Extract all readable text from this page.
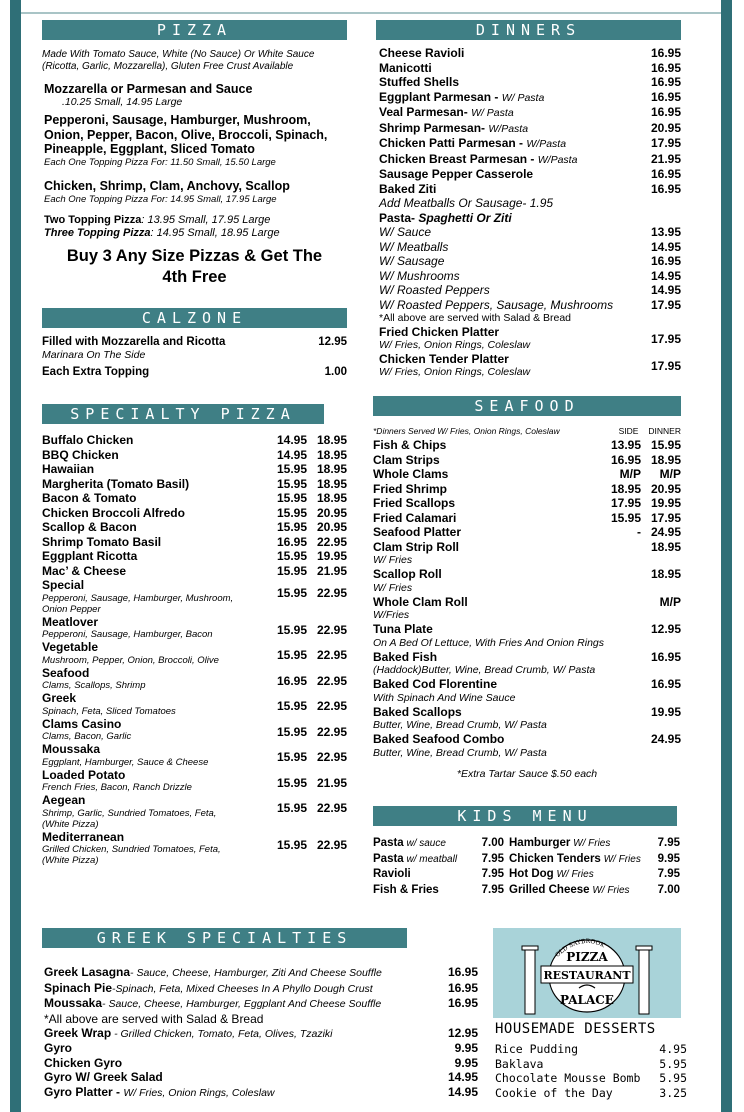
PIZZA
Made With Tomato Sauce, White (No Sauce) Or White Sauce (Ricotta, Garlic, Mozzarella), Gluten Free Crust Available
Mozzarella or Parmesan and Sauce
.10.25 Small, 14.95 Large
Pepperoni, Sausage, Hamburger, Mushroom, Onion, Pepper, Bacon, Olive, Broccoli, Spinach, Pineapple, Eggplant, Sliced Tomato
Each One Topping Pizza For: 11.50 Small, 15.50 Large
Chicken, Shrimp, Clam, Anchovy, Scallop
Each One Topping Pizza For: 14.95 Small, 17.95 Large
Two Topping Pizza: 13.95 Small, 17.95 Large
Three Topping Pizza: 14.95 Small, 18.95 Large
Buy 3 Any Size Pizzas & Get The 4th Free
CALZONE
Filled with Mozzarella and Ricotta	12.95
Marinara On The Side
Each Extra Topping	1.00
SPECIALTY PIZZA
Buffalo Chicken	14.95 18.95
BBQ Chicken	14.95 18.95
Hawaiian	15.95 18.95
Margherita (Tomato Basil)	15.95 18.95
Bacon & Tomato	15.95 18.95
Chicken Broccoli Alfredo	15.95 20.95
Scallop & Bacon	15.95 20.95
Shrimp Tomato Basil	16.95 22.95
Eggplant Ricotta	15.95 19.95
Mac’ & Cheese	15.95 21.95
Special
15.95 22.95
Pepperoni, Sausage, Hamburger, Mushroom, Onion Pepper
Meatlover
15.95 22.95
Pepperoni, Sausage, Hamburger, Bacon
Vegetable
15.95 22.95
Mushroom, Pepper, Onion, Broccoli, Olive
Seafood
16.95 22.95
Clams, Scallops, Shrimp
Greek
15.95 22.95
Spinach, Feta, Sliced Tomatoes
Clams Casino
15.95 22.95
Clams, Bacon, Garlic
Moussaka
15.95 22.95
Eggplant, Hamburger, Sauce & Cheese
Loaded Potato
15.95 21.95
French Fries, Bacon, Ranch Drizzle
Aegean
15.95 22.95
Shrimp, Garlic, Sundried Tomatoes, Feta, (White Pizza)
Mediterranean
15.95 22.95
Grilled Chicken, Sundried Tomatoes, Feta, (White Pizza)
DINNERS
Cheese Ravioli	16.95
Manicotti	16.95
Stuffed Shells	16.95
Eggplant Parmesan - W/ Pasta	16.95
Veal Parmesan- W/ Pasta	16.95
Shrimp Parmesan- W/Pasta	20.95
Chicken Patti Parmesan - W/Pasta	17.95
Chicken Breast Parmesan - W/Pasta	21.95
Sausage Pepper Casserole	16.95
Baked Ziti	16.95
Add Meatballs Or Sausage- 1.95
Pasta- Spaghetti Or Ziti
W/ Sauce	13.95
W/ Meatballs	14.95
W/ Sausage	16.95
W/ Mushrooms	14.95
W/ Roasted Peppers	14.95
W/ Roasted Peppers, Sausage, Mushrooms	17.95
*All above are served with Salad & Bread
Fried Chicken Platter
W/ Fries, Onion Rings, Coleslaw	17.95
Chicken Tender Platter
W/ Fries, Onion Rings, Coleslaw	17.95
SEAFOOD
*Dinners Served W/ Fries, Onion Rings, Coleslaw	SIDE DINNER
Fish & Chips	13.95 15.95
Clam Strips	16.95 18.95
Whole Clams	M/P M/P
Fried Shrimp	18.95 20.95
Fried Scallops	17.95 19.95
Fried Calamari	15.95 17.95
Seafood Platter	- 24.95
Clam Strip Roll
W/ Fries
18.95
Scallop Roll
W/ Fries
18.95
Whole Clam Roll
W/Fries
M/P
Tuna Plate
On A Bed Of Lettuce, With Fries And Onion Rings
12.95
Baked Fish
(Haddock)Butter, Wine, Bread Crumb, W/ Pasta
16.95
Baked Cod Florentine
With Spinach And Wine Sauce
16.95
Baked Scallops
Butter, Wine, Bread Crumb, W/ Pasta
19.95
Baked Seafood Combo
Butter, Wine, Bread Crumb, W/ Pasta
24.95
*Extra Tartar Sauce $.50 each
KIDS MENU
Pasta w/ sauce	7.00
Pasta w/ meatball 7.95
Ravioli	7.95
Fish & Fries	7.95
Hamburger W/ Fries	7.95
Chicken Tenders W/ Fries 9.95
Hot Dog W/ Fries	7.95
Grilled Cheese W/ Fries 7.00
GREEK SPECIALTIES
Greek Lasagna- Sauce, Cheese, Hamburger, Ziti And Cheese Souffle	16.95
Spinach Pie-Spinach, Feta, Mixed Cheeses In A Phyllo Dough Crust	16.95
Moussaka- Sauce, Cheese, Hamburger, Eggplant And Cheese Souffle	16.95
*All above are served with Salad & Bread
Greek Wrap - Grilled Chicken, Tomato, Feta, Olives, Tzaziki	12.95
Gyro	9.95
Chicken Gyro	9.95
Gyro W/ Greek Salad	14.95
Gyro Platter - W/ Fries, Onion Rings, Coleslaw	14.95
OLD SAYBROOK
PIZZA
RESTAURANT
PALACE
HOUSEMADE DESSERTS
Rice Pudding	4.95
Baklava	5.95
Chocolate Mousse Bomb 5.95
Cookie of the Day	3.25
